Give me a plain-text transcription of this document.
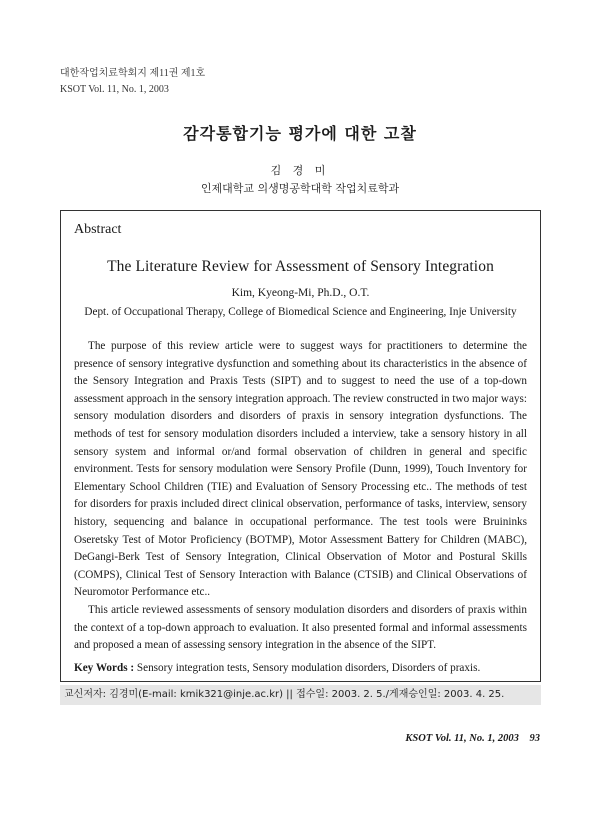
대한작업치료학회지 제11권 제1호
KSOT Vol. 11, No. 1, 2003
감각통합기능 평가에 대한 고찰
김 경 미
인제대학교 의생명공학대학 작업치료학과
Abstract
The Literature Review for Assessment of Sensory Integration
Kim, Kyeong-Mi, Ph.D., O.T.
Dept. of Occupational Therapy, College of Biomedical Science and Engineering, Inje University

The purpose of this review article were to suggest ways for practitioners to determine the presence of sensory integrative dysfunction and something about its characteristics in the absence of the Sensory Integration and Praxis Tests (SIPT) and to suggest to need the use of a top-down assessment approach in the sensory integration approach. The review constructed in two major ways: sensory modulation disorders and disorders of praxis in sensory integration dysfunctions. The methods of test for sensory modulation disorders included a interview, take a sensory history in all sensory system and informal or/and formal observation of children in general and specific environment. Tests for sensory modulation were Sensory Profile (Dunn, 1999), Touch Inventory for Elementary School Children (TIE) and Evaluation of Sensory Processing etc.. The methods of test for disorders for praxis included direct clinical observation, performance of tasks, interview, sensory history, sequencing and balance in occupational performance. The test tools were Bruininks Oseretsky Test of Motor Proficiency (BOTMP), Motor Assessment Battery for Children (MABC), DeGangi-Berk Test of Sensory Integration, Clinical Observation of Motor and Postural Skills (COMPS), Clinical Test of Sensory Interaction with Balance (CTSIB) and Clinical Observations of Neuromotor Performance etc..

This article reviewed assessments of sensory modulation disorders and disorders of praxis within the context of a top-down approach to evaluation. It also presented formal and informal assessments and proposed a mean of assessing sensory integration in the absence of the SIPT.

Key Words : Sensory integration tests, Sensory modulation disorders, Disorders of praxis.
교신저자: 김경미(E-mail: kmik321@inje.ac.kr) || 접수일: 2003. 2. 5./게재승인일: 2003. 4. 25.
KSOT Vol. 11, No. 1, 2003 93
